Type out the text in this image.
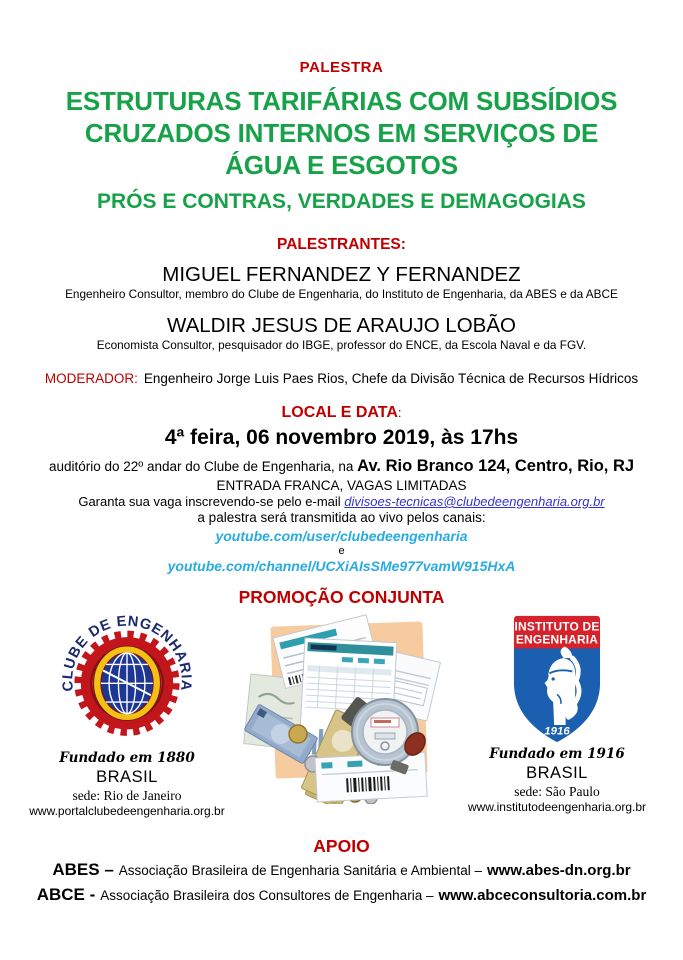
PALESTRA
ESTRUTURAS TARIFÁRIAS COM SUBSÍDIOS
CRUZADOS INTERNOS EM SERVIÇOS DE
ÁGUA E ESGOTOS
PRÓS E CONTRAS, VERDADES E DEMAGOGIAS
PALESTRANTES:
MIGUEL FERNANDEZ Y FERNANDEZ
Engenheiro Consultor, membro do Clube de Engenharia, do Instituto de Engenharia, da ABES e da ABCE
WALDIR JESUS DE ARAUJO LOBÃO
Economista Consultor, pesquisador do IBGE, professor do ENCE, da Escola Naval e da FGV.
MODERADOR: Engenheiro Jorge Luis Paes Rios, Chefe da Divisão Técnica de Recursos Hídricos
LOCAL E DATA:
4ª feira, 06 novembro 2019, às 17hs
auditório do 22º andar do Clube de Engenharia, na Av. Rio Branco 124, Centro, Rio, RJ
ENTRADA FRANCA, VAGAS LIMITADAS
Garanta sua vaga inscrevendo-se pelo e-mail divisoes-tecnicas@clubedeengenharia.org.br
a palestra será transmitida ao vivo pelos canais:
youtube.com/user/clubedeengenharia
e
youtube.com/channel/UCXiAIsSMe977vamW915HxA
PROMOÇÃO CONJUNTA
CLUBE DE ENGENHARIA
Fundado em 1880
BRASIL
sede: Rio de Janeiro
www.portalclubedeengenharia.org.br
INSTITUTO DE
ENGENHARIA
1916
Fundado em 1916
BRASIL
sede: São Paulo
www.institutodeengenharia.org.br
APOIO
ABES – Associação Brasileira de Engenharia Sanitária e Ambiental – www.abes-dn.org.br
ABCE - Associação Brasileira dos Consultores de Engenharia – www.abceconsultoria.com.br
